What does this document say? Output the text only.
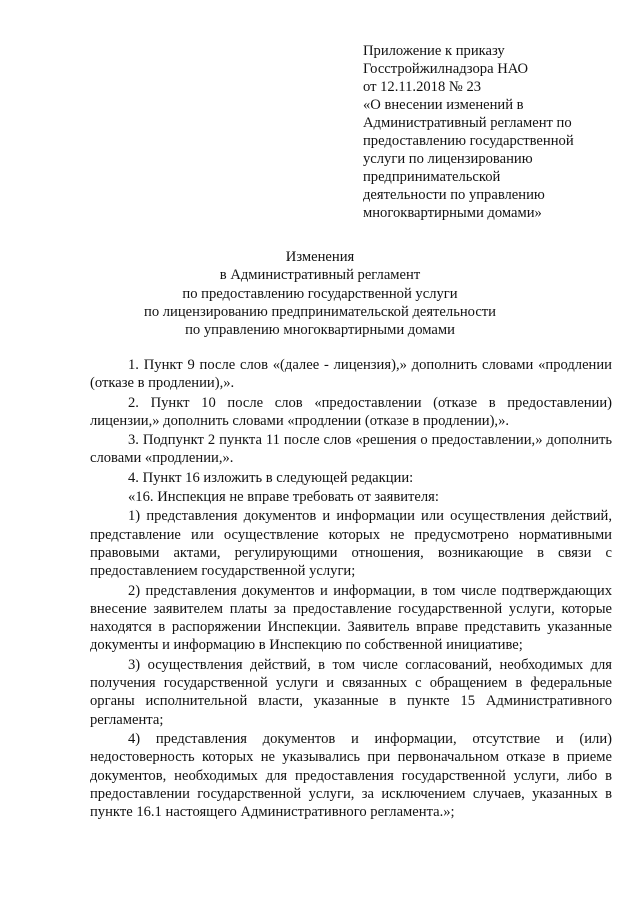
Приложение к приказу
Госстройжилнадзора НАО
от 12.11.2018 № 23
«О внесении изменений в
Административный регламент по
предоставлению государственной
услуги по лицензированию
предпринимательской
деятельности по управлению
многоквартирными домами»
Изменения
в Административный регламент
по предоставлению государственной услуги
по лицензированию предпринимательской деятельности
по управлению многоквартирными домами

1. Пункт 9 после слов «(далее - лицензия),» дополнить словами «продлении (отказе в продлении),».

2. Пункт 10 после слов «предоставлении (отказе в предоставлении) лицензии,» дополнить словами «продлении (отказе в продлении),».

3. Подпункт 2 пункта 11 после слов «решения о предоставлении,» дополнить словами «продлении,».

4. Пункт 16 изложить в следующей редакции:

«16. Инспекция не вправе требовать от заявителя:

1) представления документов и информации или осуществления действий, представление или осуществление которых не предусмотрено нормативными правовыми актами, регулирующими отношения, возникающие в связи с предоставлением государственной услуги;

2) представления документов и информации, в том числе подтверждающих внесение заявителем платы за предоставление государственной услуги, которые находятся в распоряжении Инспекции. Заявитель вправе представить указанные документы и информацию в Инспекцию по собственной инициативе;

3) осуществления действий, в том числе согласований, необходимых для получения государственной услуги и связанных с обращением в федеральные органы исполнительной власти, указанные в пункте 15 Административного регламента;

4) представления документов и информации, отсутствие и (или) недостоверность которых не указывались при первоначальном отказе в приеме документов, необходимых для предоставления государственной услуги, либо в предоставлении государственной услуги, за исключением случаев, указанных в пункте 16.1 настоящего Административного регламента.»;
